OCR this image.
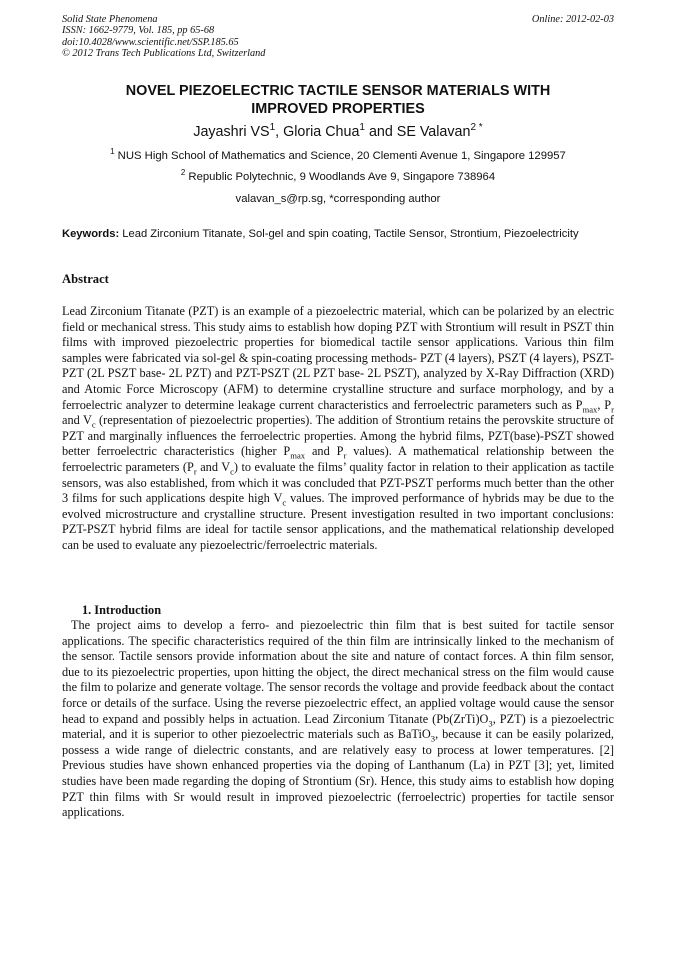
Solid State Phenomena
ISSN: 1662-9779, Vol. 185, pp 65-68
doi:10.4028/www.scientific.net/SSP.185.65
© 2012 Trans Tech Publications Ltd, Switzerland
Online: 2012-02-03
NOVEL PIEZOELECTRIC TACTILE SENSOR MATERIALS WITH
IMPROVED PROPERTIES
Jayashri $VS^1$, Gloria Chua$^1$ and SE Valavan$^{2 *}$
$^1$ NUS High School of Mathematics and Science, 20 Clementi Avenue 1, Singapore 129957
$^2$ Republic Polytechnic, 9 Woodlands Ave 9, Singapore 738964
valavan_s@rp.sg, *corresponding author
Keywords: Lead Zirconium Titanate, Sol-gel and spin coating, Tactile Sensor, Strontium, Piezoelectricity
Abstract
Lead Zirconium Titanate (PZT) is an example of a piezoelectric material, which can be polarized by an electric field or mechanical stress. This study aims to establish how doping PZT with Strontium will result in PSZT thin films with improved piezoelectric properties for biomedical tactile sensor applications. Various thin film samples were fabricated via sol-gel & spin-coating processing methods- PZT (4 layers), PSZT (4 layers), PSZT-PZT (2L PSZT base- 2L PZT) and PZT-PSZT (2L PZT base- 2L PSZT), analyzed by X-Ray Diffraction (XRD) and Atomic Force Microscopy (AFM) to determine crystalline structure and surface morphology, and by a ferroelectric analyzer to determine leakage current characteristics and ferroelectric parameters such as $P_{max}$, $P_r$ and $V_c$ (representation of piezoelectric properties). The addition of Strontium retains the perovskite structure of PZT and marginally influences the ferroelectric properties. Among the hybrid films, PZT(base)-PSZT showed better ferroelectric characteristics (higher $P_{max}$ and $P_r$ values). A mathematical relationship between the ferroelectric parameters ($P_r$ and $V_c$) to evaluate the films’ quality factor in relation to their application as tactile sensors, was also established, from which it was concluded that PZT-PSZT performs much better than the other 3 films for such applications despite high $V_c$ values. The improved performance of hybrids may be due to the evolved microstructure and crystalline structure. Present investigation resulted in two important conclusions: PZT-PSZT hybrid films are ideal for tactile sensor applications, and the mathematical relationship developed can be used to evaluate any piezoelectric/ferroelectric materials.
1. Introduction
The project aims to develop a ferro- and piezoelectric thin film that is best suited for tactile sensor applications. The specific characteristics required of the thin film are intrinsically linked to the mechanism of the sensor. Tactile sensors provide information about the site and nature of contact forces. A thin film sensor, due to its piezoelectric properties, upon hitting the object, the direct mechanical stress on the film would cause the film to polarize and generate voltage. The sensor records the voltage and provide feedback about the contact force or details of the surface. Using the reverse piezoelectric effect, an applied voltage would cause the sensor head to expand and possibly helps in actuation. Lead Zirconium Titanate ($Pb(ZrTi)O_3$, PZT) is a piezoelectric material, and it is superior to other piezoelectric materials such as BaTiO$_3$, because it can be easily polarized, possess a wide range of dielectric constants, and are relatively easy to process at lower temperatures. [2] Previous studies have shown enhanced properties via the doping of Lanthanum (La) in PZT [3]; yet, limited studies have been made regarding the doping of Strontium (Sr). Hence, this study aims to establish how doping PZT thin films with Sr would result in improved piezoelectric (ferroelectric) properties for tactile sensor applications.
